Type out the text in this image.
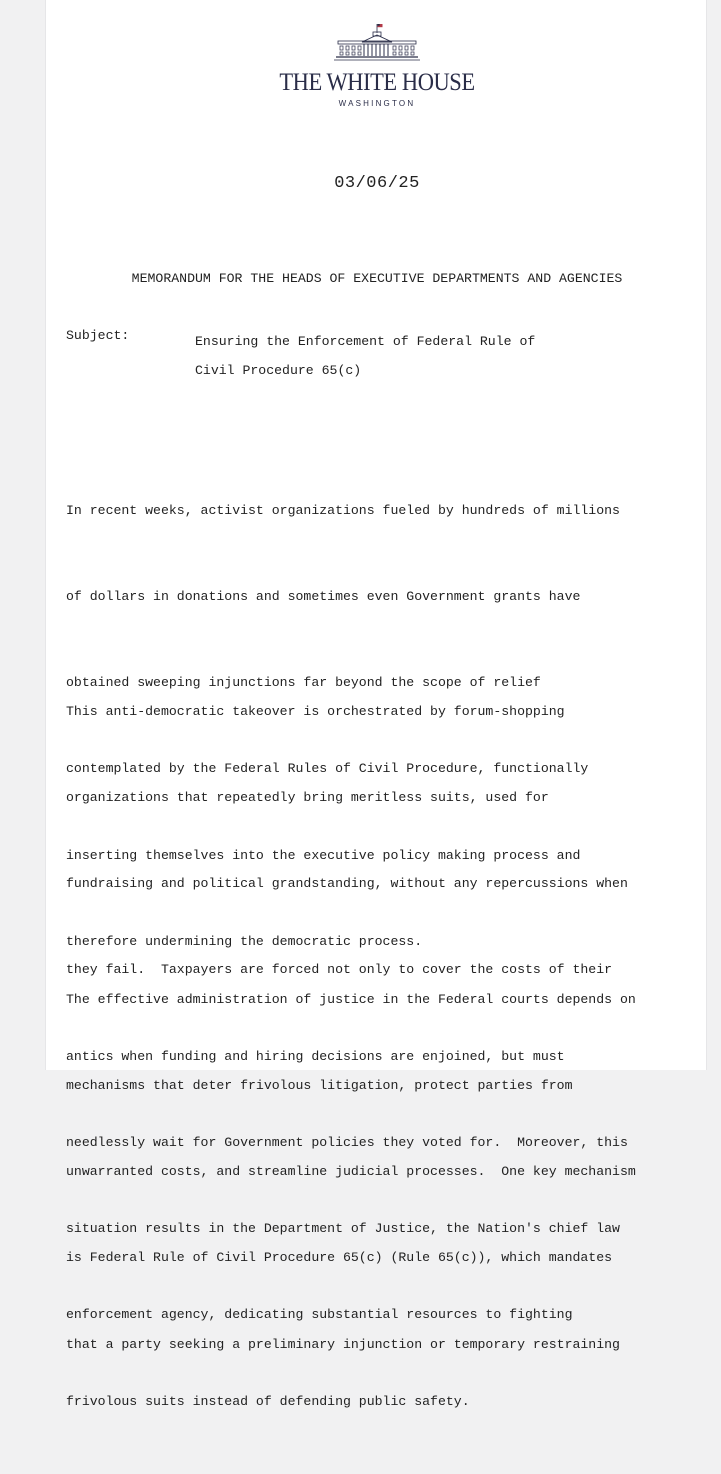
THE WHITE HOUSE
WASHINGTON
03/06/25
MEMORANDUM FOR THE HEADS OF EXECUTIVE DEPARTMENTS AND AGENCIES
Subject:	Ensuring the Enforcement of Federal Rule of
Civil Procedure 65(c)

In recent weeks, activist organizations fueled by hundreds of millions

of dollars in donations and sometimes even Government grants have

obtained sweeping injunctions far beyond the scope of relief

contemplated by the Federal Rules of Civil Procedure, functionally

inserting themselves into the executive policy making process and

therefore undermining the democratic process.

This anti-democratic takeover is orchestrated by forum-shopping

organizations that repeatedly bring meritless suits, used for

fundraising and political grandstanding, without any repercussions when

they fail.  Taxpayers are forced not only to cover the costs of their

antics when funding and hiring decisions are enjoined, but must

needlessly wait for Government policies they voted for.  Moreover, this

situation results in the Department of Justice, the Nation's chief law

enforcement agency, dedicating substantial resources to fighting

frivolous suits instead of defending public safety.

The effective administration of justice in the Federal courts depends on

mechanisms that deter frivolous litigation, protect parties from

unwarranted costs, and streamline judicial processes.  One key mechanism

is Federal Rule of Civil Procedure 65(c) (Rule 65(c)), which mandates

that a party seeking a preliminary injunction or temporary restraining
